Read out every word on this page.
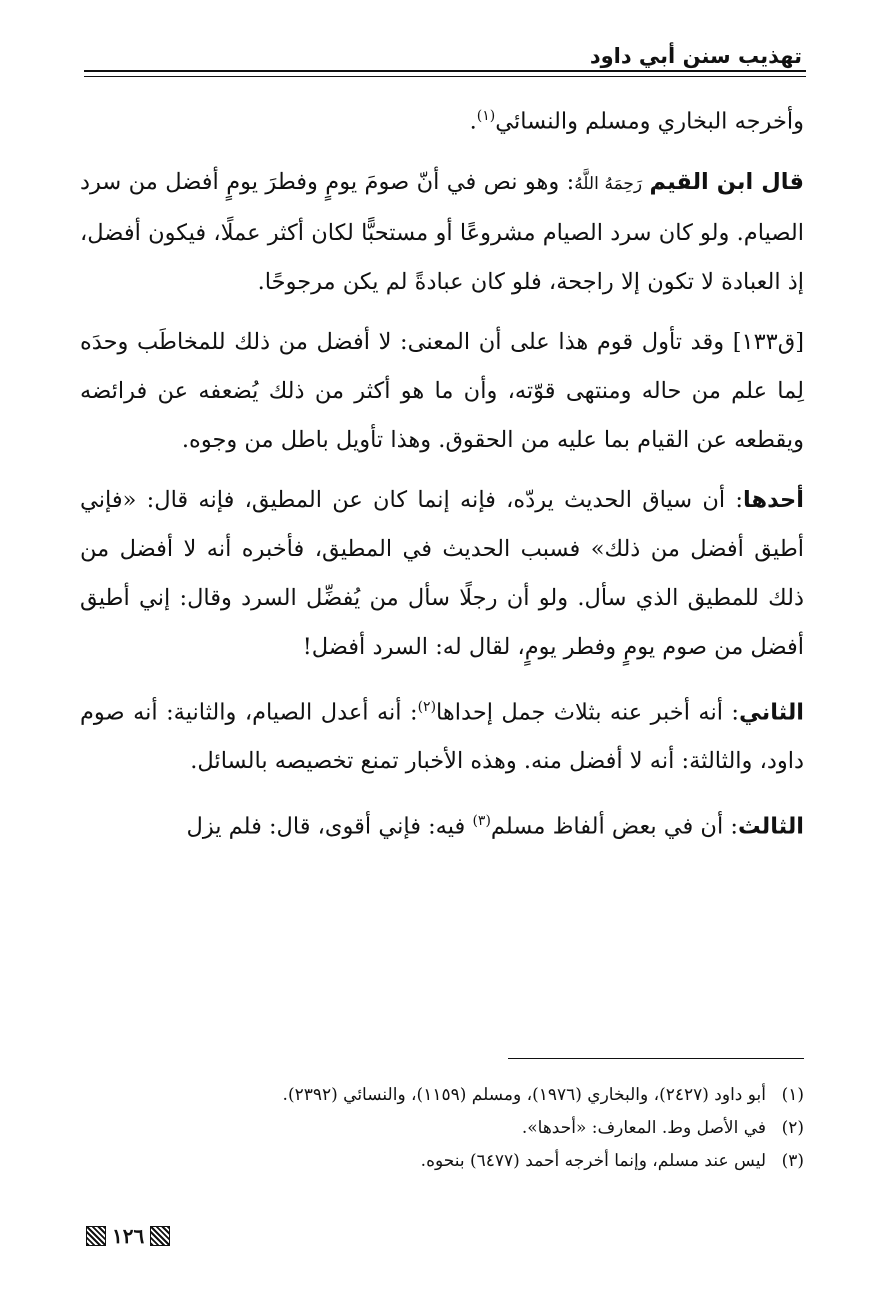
تهذيب سنن أبي داود

وأخرجه البخاري ومسلم والنسائي$^{(١)}$.

قال ابن القيم رَحِمَهُ اللَّهُ: وهو نص في أنّ صومَ يومٍ وفطرَ يومٍ أفضل من سرد الصيام. ولو كان سرد الصيام مشروعًا أو مستحبًّا لكان أكثر عملًا، فيكون أفضل، إذ العبادة لا تكون إلا راجحة، فلو كان عبادةً لم يكن مرجوحًا.

[ق١٣٣] وقد تأول قوم هذا على أن المعنى: لا أفضل من ذلك للمخاطَب وحدَه لِما علم من حاله ومنتهى قوّته، وأن ما هو أكثر من ذلك يُضعفه عن فرائضه ويقطعه عن القيام بما عليه من الحقوق. وهذا تأويل باطل من وجوه.

أحدها: أن سياق الحديث يردّه، فإنه إنما كان عن المطيق، فإنه قال: «فإني أطيق أفضل من ذلك» فسبب الحديث في المطيق، فأخبره أنه لا أفضل من ذلك للمطيق الذي سأل. ولو أن رجلًا سأل من يُفضِّل السرد وقال: إني أطيق أفضل من صوم يومٍ وفطر يومٍ، لقال له: السرد أفضل!

الثاني: أنه أخبر عنه بثلاث جمل إحداها$^{(٢)}$: أنه أعدل الصيام، والثانية: أنه صوم داود، والثالثة: أنه لا أفضل منه. وهذه الأخبار تمنع تخصيصه بالسائل.

الثالث: أن في بعض ألفاظ مسلم$^{(٣)}$ فيه: فإني أقوى، قال: فلم يزل

(١)
أبو داود (٢٤٢٧)، والبخاري (١٩٧٦)، ومسلم (١١٥٩)، والنسائي (٢٣٩٢).
(٢)
في الأصل وط. المعارف: «أحدها».
(٣)
ليس عند مسلم، وإنما أخرجه أحمد (٦٤٧٧) بنحوه.
١٢٦
